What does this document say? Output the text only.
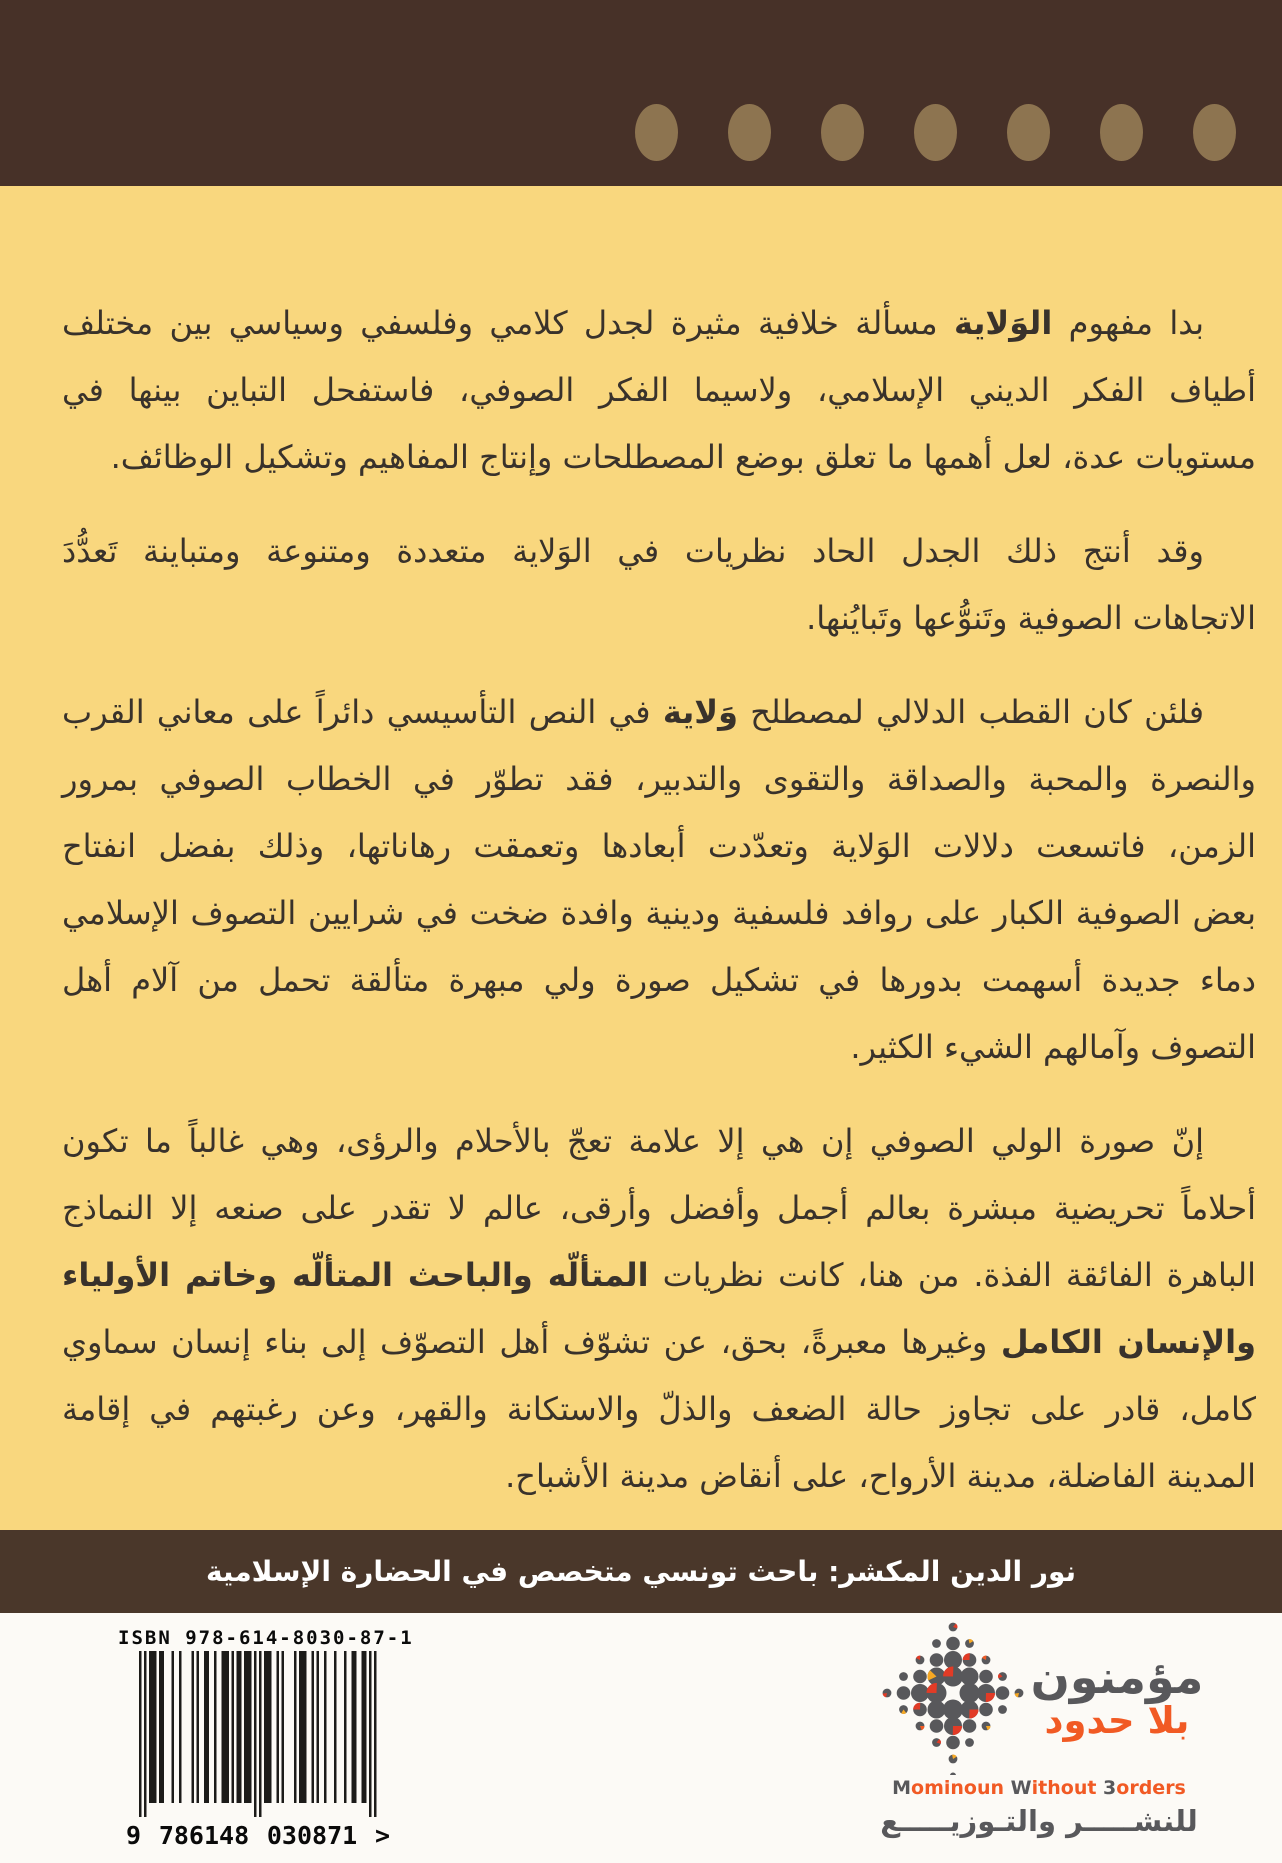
بدا مفهوم الوَلاية مسألة خلافية مثيرة لجدل كلامي وفلسفي وسياسي بين مختلف
أطياف الفكر الديني الإسلامي، ولاسيما الفكر الصوفي، فاستفحل التباين بينها في
مستويات عدة، لعل أهمها ما تعلق بوضع المصطلحات وإنتاج المفاهيم وتشكيل الوظائف.
وقد أنتج ذلك الجدل الحاد نظريات في الوَلاية متعددة ومتنوعة ومتباينة تَعدُّدَ
الاتجاهات الصوفية وتَنوُّعها وتَبايُنها.
فلئن كان القطب الدلالي لمصطلح وَلاية في النص التأسيسي دائراً على معاني القرب
والنصرة والمحبة والصداقة والتقوى والتدبير، فقد تطوّر في الخطاب الصوفي بمرور
الزمن، فاتسعت دلالات الوَلاية وتعدّدت أبعادها وتعمقت رهاناتها، وذلك بفضل انفتاح
بعض الصوفية الكبار على روافد فلسفية ودينية وافدة ضخت في شرايين التصوف الإسلامي
دماء جديدة أسهمت بدورها في تشكيل صورة ولي مبهرة متألقة تحمل من آلام أهل
التصوف وآمالهم الشيء الكثير.
إنّ صورة الولي الصوفي إن هي إلا علامة تعجّ بالأحلام والرؤى، وهي غالباً ما تكون
أحلاماً تحريضية مبشرة بعالم أجمل وأفضل وأرقى، عالم لا تقدر على صنعه إلا النماذج
الباهرة الفائقة الفذة. من هنا، كانت نظريات المتألّه والباحث المتألّه وخاتم الأولياء
والإنسان الكامل وغيرها معبرةً، بحق، عن تشوّف أهل التصوّف إلى بناء إنسان سماوي
كامل، قادر على تجاوز حالة الضعف والذلّ والاستكانة والقهر، وعن رغبتهم في إقامة
المدينة الفاضلة، مدينة الأرواح، على أنقاض مدينة الأشباح.
نور الدين المكشر: باحث تونسي متخصص في الحضارة الإسلامية
ISBN 978-614-8030-87-1
9 786148 030871 >
مؤمنون
بلا حدود
Mominoun Without 3orders
للنشـــــر والتـوزيـــــع
